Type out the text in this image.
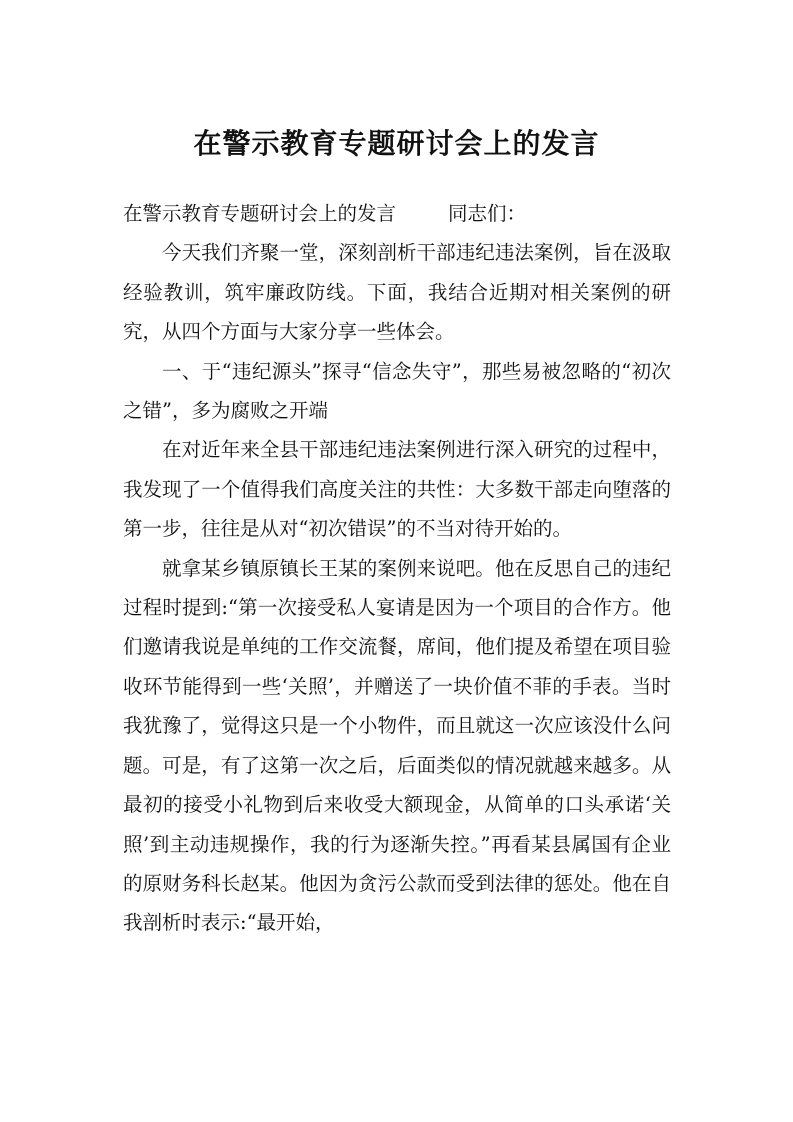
在警示教育专题研讨会上的发言

在警示教育专题研讨会上的发言	同志们：

今天我们齐聚一堂，深刻剖析干部违纪违法案例，旨在汲取经验教训，筑牢廉政防线。下面，我结合近期对相关案例的研究，从四个方面与大家分享一些体会。

一、于“违纪源头”探寻“信念失守”，那些易被忽略的“初次之错”，多为腐败之开端

在对近年来全县干部违纪违法案例进行深入研究的过程中，我发现了一个值得我们高度关注的共性：大多数干部走向堕落的第一步，往往是从对“初次错误”的不当对待开始的。

就拿某乡镇原镇长王某的案例来说吧。他在反思自己的违纪过程时提到:“第一次接受私人宴请是因为一个项目的合作方。他们邀请我说是单纯的工作交流餐，席间，他们提及希望在项目验收环节能得到一些‘关照’，并赠送了一块价值不菲的手表。当时我犹豫了，觉得这只是一个小物件，而且就这一次应该没什么问题。可是，有了这第一次之后，后面类似的情况就越来越多。从最初的接受小礼物到后来收受大额现金，从简单的口头承诺‘关照’到主动违规操作，我的行为逐渐失控。”再看某县属国有企业的原财务科长赵某。他因为贪污公款而受到法律的惩处。他在自我剖析时表示:“最开始，
